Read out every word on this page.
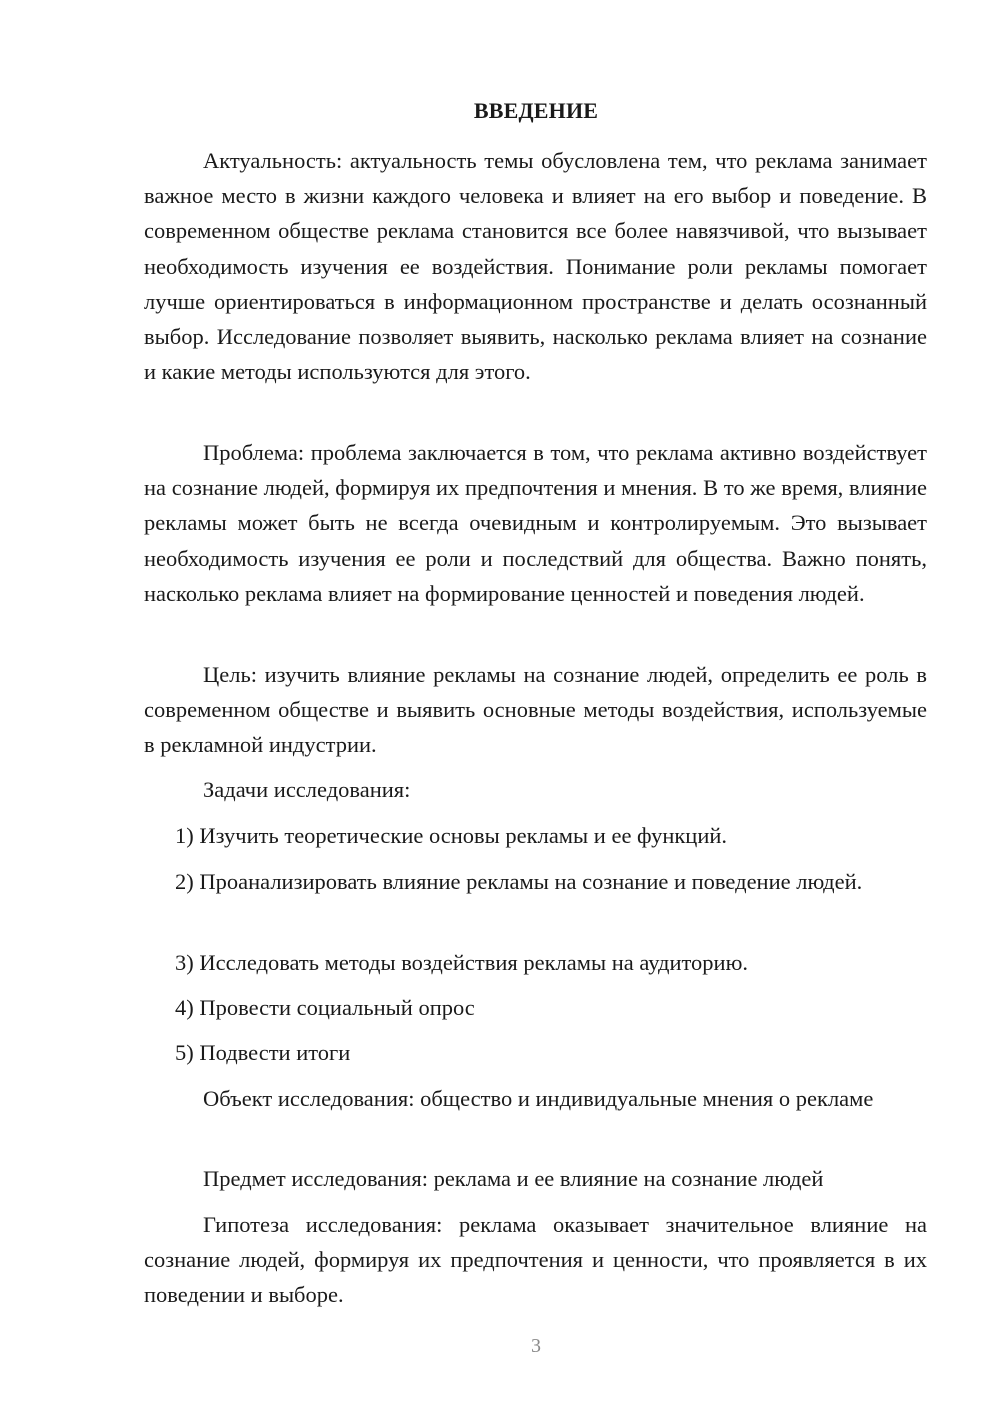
ВВЕДЕНИЕ

Актуальность: актуальность темы обусловлена тем, что реклама занимает важное место в жизни каждого человека и влияет на его выбор и поведение. В современном обществе реклама становится все более навязчивой, что вызывает необходимость изучения ее воздействия. Понимание роли рекламы помогает лучше ориентироваться в информационном пространстве и делать осознанный выбор. Исследование позволяет выявить, насколько реклама влияет на сознание и какие методы используются для этого.

Проблема: проблема заключается в том, что реклама активно воздействует на сознание людей, формируя их предпочтения и мнения. В то же время, влияние рекламы может быть не всегда очевидным и контролируемым. Это вызывает необходимость изучения ее роли и последствий для общества. Важно понять, насколько реклама влияет на формирование ценностей и поведения людей.

Цель: изучить влияние рекламы на сознание людей, определить ее роль в современном обществе и выявить основные методы воздействия, используемые в рекламной индустрии.

Задачи исследования:

1) Изучить теоретические основы рекламы и ее функций.

2) Проанализировать влияние рекламы на сознание и поведение людей.

3) Исследовать методы воздействия рекламы на аудиторию.

4) Провести социальный опрос

5) Подвести итоги

Объект исследования: общество и индивидуальные мнения о рекламе

Предмет исследования: реклама и ее влияние на сознание людей

Гипотеза исследования: реклама оказывает значительное влияние на сознание людей, формируя их предпочтения и ценности, что проявляется в их поведении и выборе.

3
